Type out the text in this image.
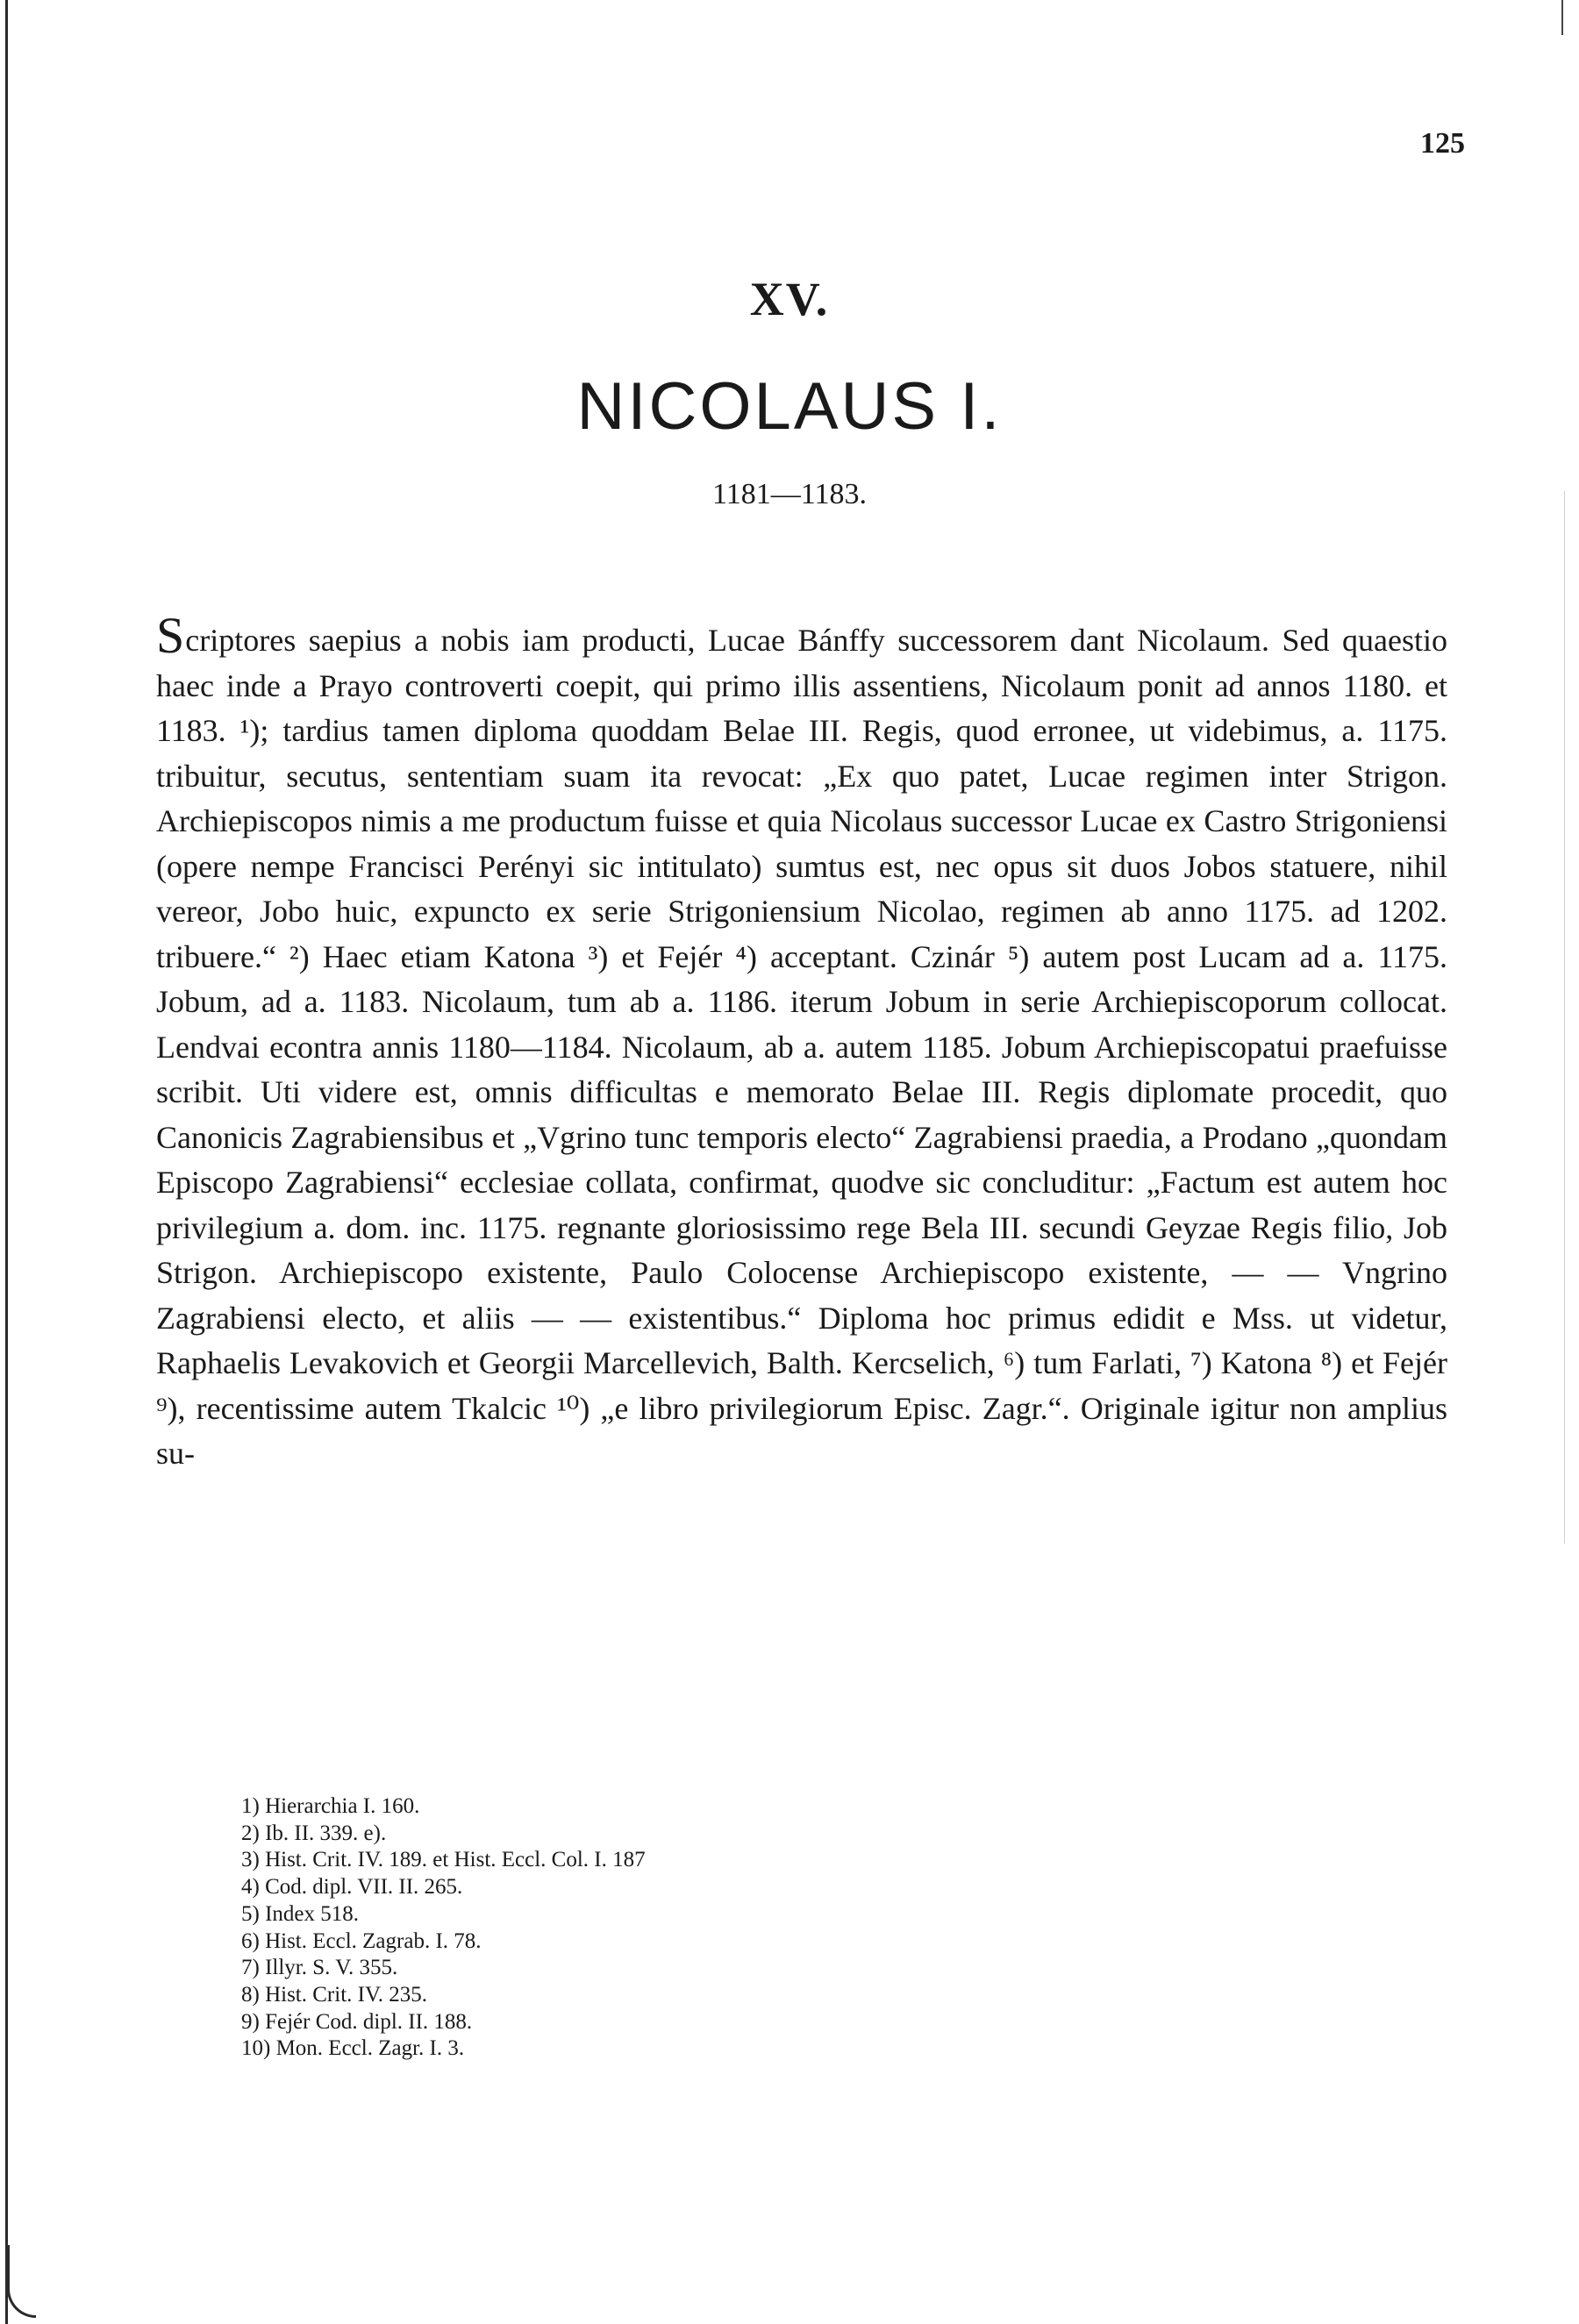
125
XV.
NICOLAUS I.
1181—1183.

Scriptores saepius a nobis iam producti, Lucae Bánffy successorem dant Nicolaum. Sed quaestio haec inde a Prayo controverti coepit, qui primo illis assentiens, Nicolaum ponit ad annos 1180. et 1183. ¹); tardius tamen diploma quoddam Belae III. Regis, quod erronee, ut videbimus, a. 1175. tribuitur, secutus, sententiam suam ita revocat: „Ex quo patet, Lucae regimen inter Strigon. Archiepiscopos nimis a me productum fuisse et quia Nicolaus successor Lucae ex Castro Strigoniensi (opere nempe Francisci Perényi sic intitulato) sumtus est, nec opus sit duos Jobos statuere, nihil vereor, Jobo huic, expuncto ex serie Strigoniensium Nicolao, regimen ab anno 1175. ad 1202. tribuere.“ ²) Haec etiam Katona ³) et Fejér ⁴) acceptant. Czinár ⁵) autem post Lucam ad a. 1175. Jobum, ad a. 1183. Nicolaum, tum ab a. 1186. iterum Jobum in serie Archiepiscoporum collocat. Lendvai econtra annis 1180—1184. Nicolaum, ab a. autem 1185. Jobum Archiepiscopatui praefuisse scribit. Uti videre est, omnis difficultas e memorato Belae III. Regis diplomate procedit, quo Canonicis Zagrabiensibus et „Vgrino tunc temporis electo“ Zagrabiensi praedia, a Prodano „quondam Episcopo Zagrabiensi“ ecclesiae collata, confirmat, quodve sic concluditur: „Factum est autem hoc privilegium a. dom. inc. 1175. regnante gloriosissimo rege Bela III. secundi Geyzae Regis filio, Job Strigon. Archiepiscopo existente, Paulo Colocense Archiepiscopo existente, — — Vngrino Zagrabiensi electo, et aliis — — existentibus.“ Diploma hoc primus edidit e Mss. ut videtur, Raphaelis Levakovich et Georgii Marcellevich, Balth. Kercselich, ⁶) tum Farlati, ⁷) Katona ⁸) et Fejér ⁹), recentissime autem Tkalcic ¹⁰) „e libro privilegiorum Episc. Zagr.“. Originale igitur non amplius su-

1) Hierarchia I. 160.
2) Ib. II. 339. e).
3) Hist. Crit. IV. 189. et Hist. Eccl. Col. I. 187
4) Cod. dipl. VII. II. 265.
5) Index 518.
6) Hist. Eccl. Zagrab. I. 78.
7) Illyr. S. V. 355.
8) Hist. Crit. IV. 235.
9) Fejér Cod. dipl. II. 188.
10) Mon. Eccl. Zagr. I. 3.
